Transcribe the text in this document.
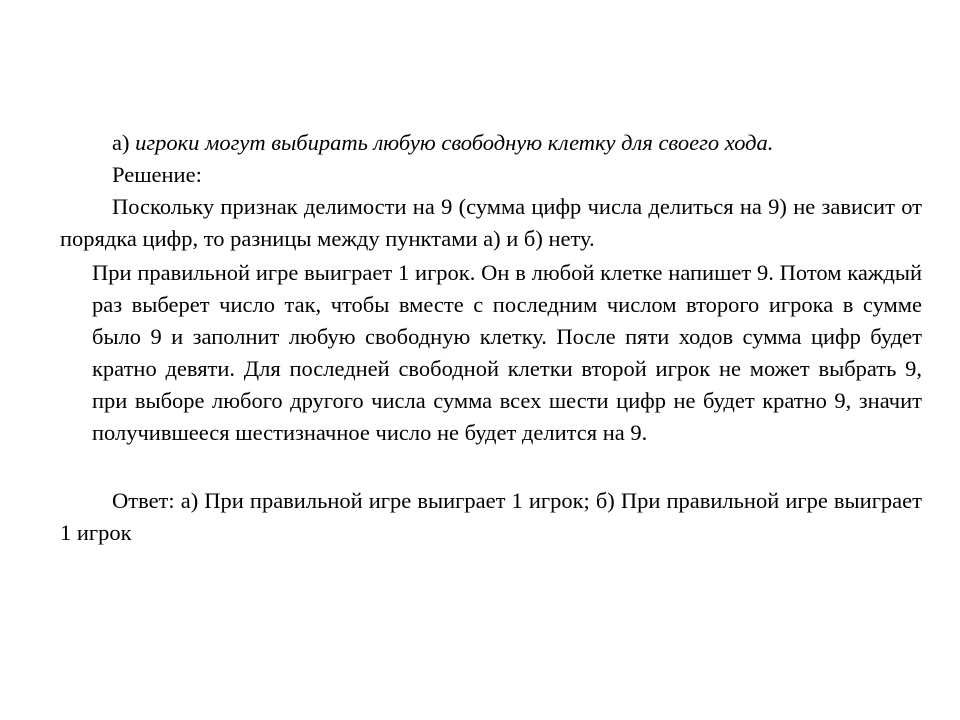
а) игроки могут выбирать любую свободную клетку для своего хода.

Решение:

Поскольку признак делимости на 9 (сумма цифр числа делиться на 9) не зависит от порядка цифр, то разницы между пунктами а) и б) нету.

При правильной игре выиграет 1 игрок. Он в любой клетке напишет 9. Потом каждый раз выберет число так, чтобы вместе с последним числом второго игрока в сумме было 9 и заполнит любую свободную клетку. После пяти ходов сумма цифр будет кратно девяти. Для последней свободной клетки второй игрок не может выбрать 9, при выборе любого другого числа сумма всех шести цифр не будет кратно 9, значит получившееся шестизначное число не будет делится на 9.

Ответ: а) При правильной игре выиграет 1 игрок; б) При правильной игре выиграет 1 игрок
